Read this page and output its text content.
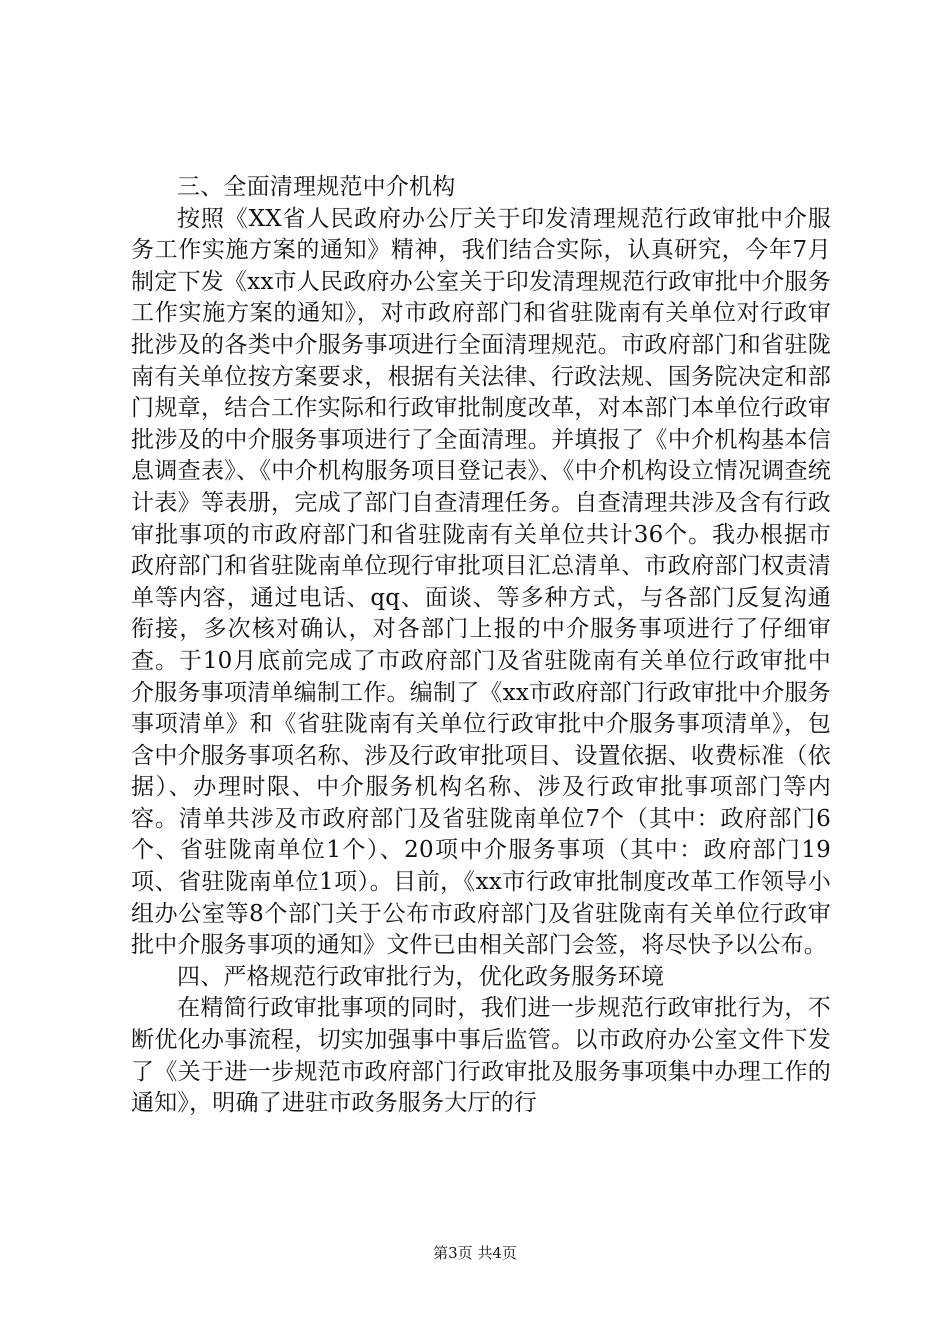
三、全面清理规范中介机构

按照《XX省人民政府办公厅关于印发清理规范行政审批中介服务工作实施方案的通知》精神，我们结合实际，认真研究，今年7月制定下发《xx市人民政府办公室关于印发清理规范行政审批中介服务工作实施方案的通知》，对市政府部门和省驻陇南有关单位对行政审批涉及的各类中介服务事项进行全面清理规范。市政府部门和省驻陇南有关单位按方案要求，根据有关法律、行政法规、国务院决定和部门规章，结合工作实际和行政审批制度改革，对本部门本单位行政审批涉及的中介服务事项进行了全面清理。并填报了《中介机构基本信息调查表》、《中介机构服务项目登记表》、《中介机构设立情况调查统计表》等表册，完成了部门自查清理任务。自查清理共涉及含有行政审批事项的市政府部门和省驻陇南有关单位共计36个。我办根据市政府部门和省驻陇南单位现行审批项目汇总清单、市政府部门权责清单等内容，通过电话、qq、面谈、等多种方式，与各部门反复沟通衔接，多次核对确认，对各部门上报的中介服务事项进行了仔细审查。于10月底前完成了市政府部门及省驻陇南有关单位行政审批中介服务事项清单编制工作。编制了《xx市政府部门行政审批中介服务事项清单》和《省驻陇南有关单位行政审批中介服务事项清单》，包含中介服务事项名称、涉及行政审批项目、设置依据、收费标准（依据）、办理时限、中介服务机构名称、涉及行政审批事项部门等内容。清单共涉及市政府部门及省驻陇南单位7个（其中：政府部门6个、省驻陇南单位1个）、20项中介服务事项（其中：政府部门19项、省驻陇南单位1项）。目前，《xx市行政审批制度改革工作领导小组办公室等8个部门关于公布市政府部门及省驻陇南有关单位行政审批中介服务事项的通知》文件已由相关部门会签，将尽快予以公布。

四、严格规范行政审批行为，优化政务服务环境

在精简行政审批事项的同时，我们进一步规范行政审批行为，不断优化办事流程，切实加强事中事后监管。以市政府办公室文件下发了《关于进一步规范市政府部门行政审批及服务事项集中办理工作的通知》，明确了进驻市政务服务大厅的行

第3页 共4页
